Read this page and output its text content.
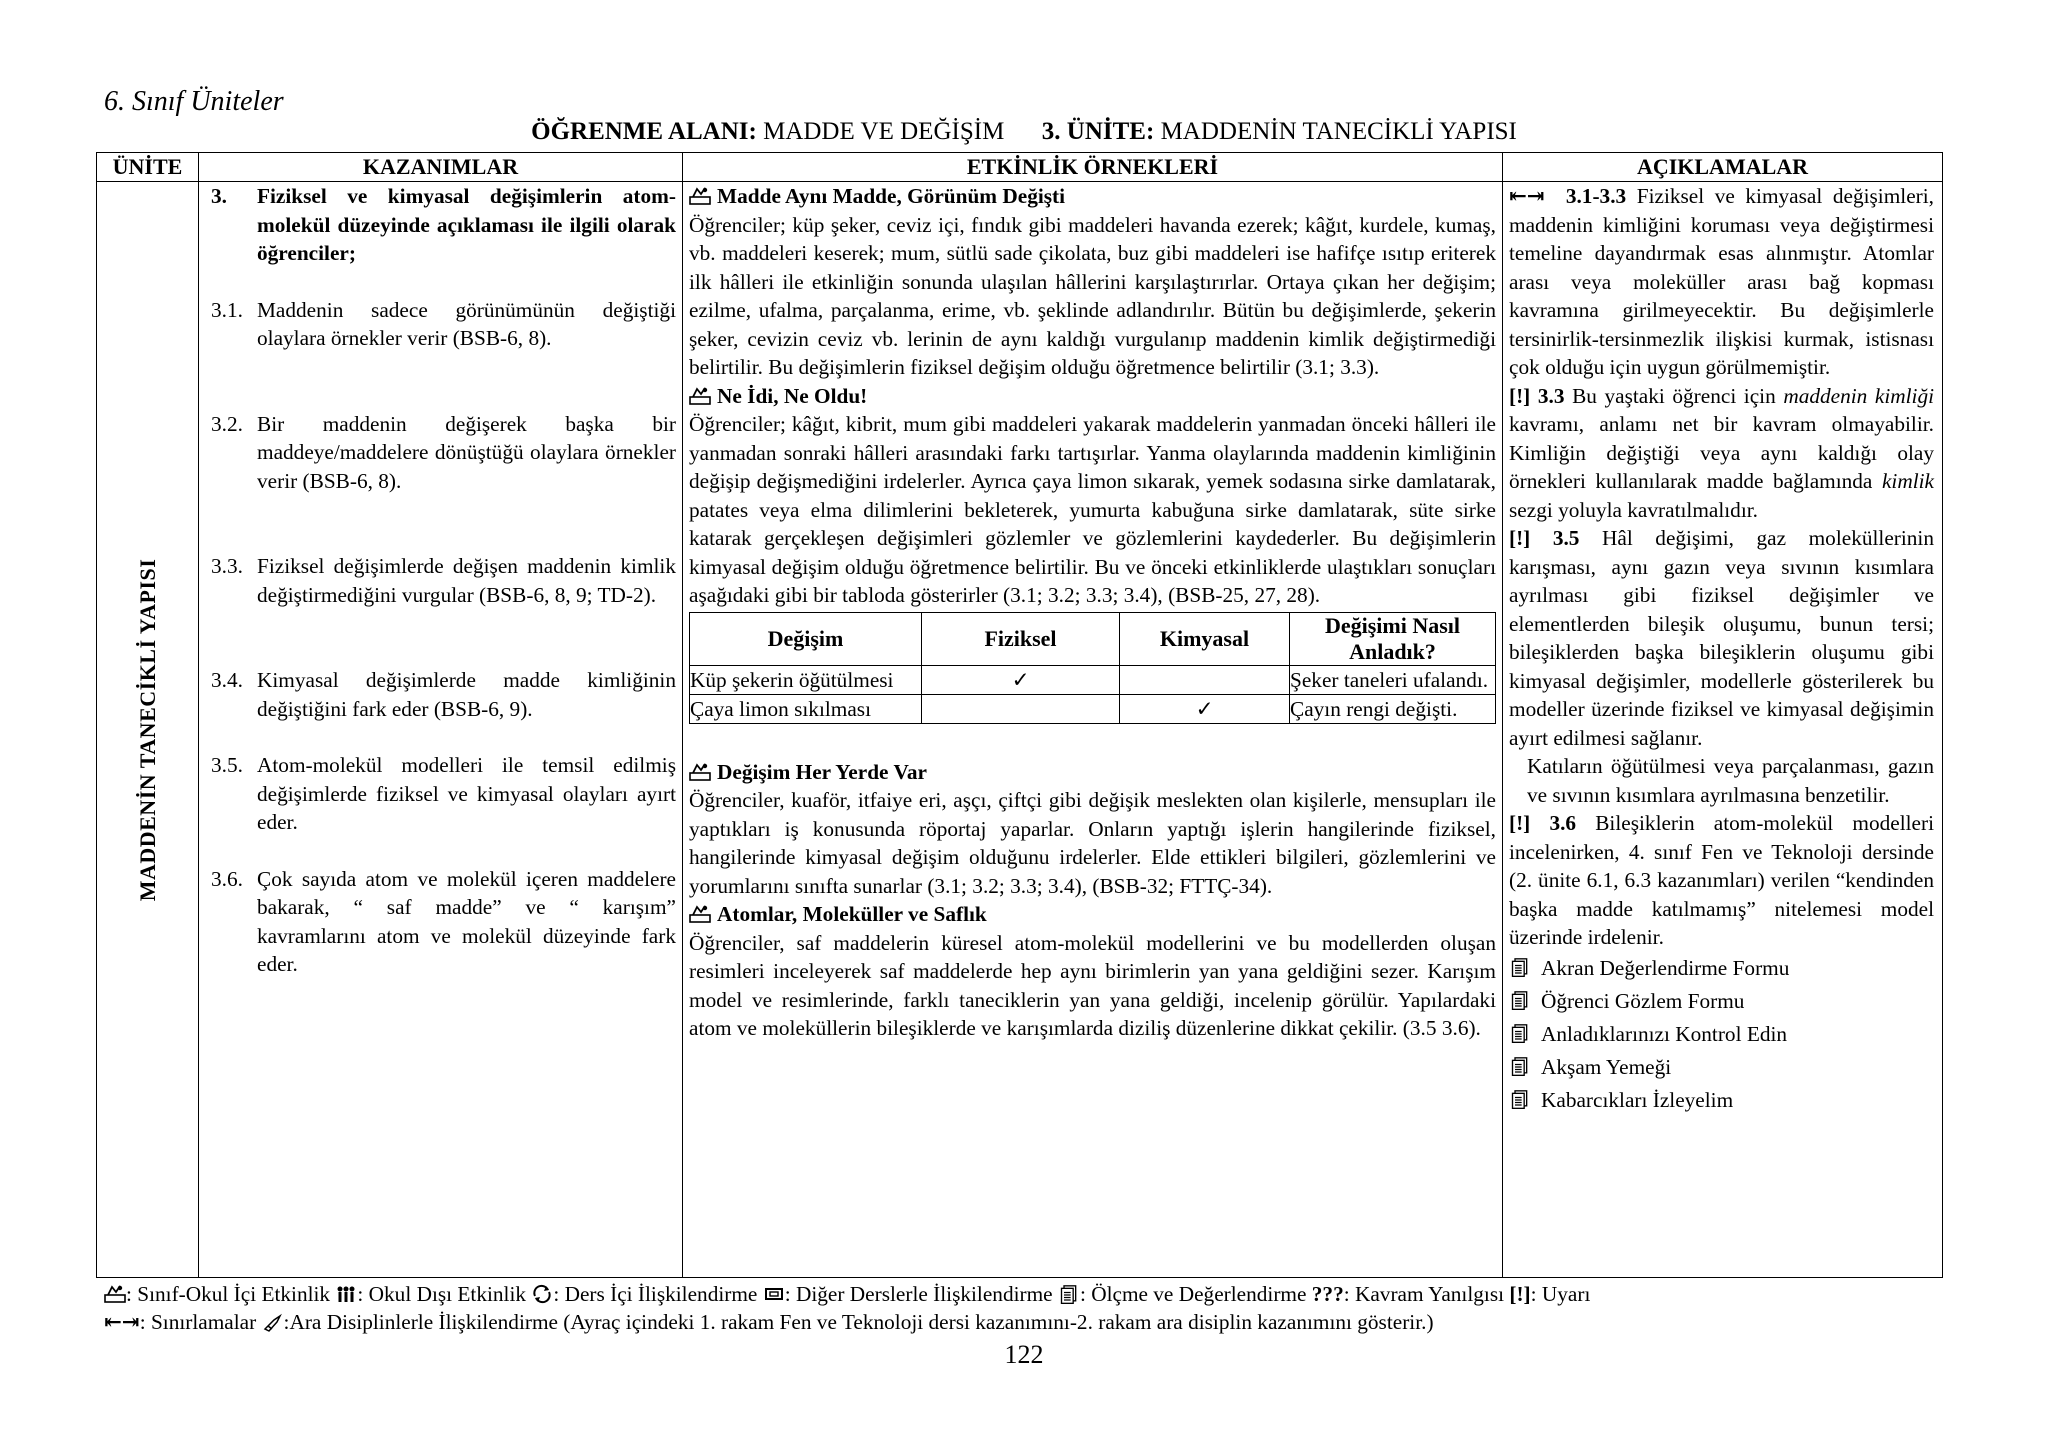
6. Sınıf Üniteler
ÖĞRENME ALANI: MADDE VE DEĞİŞİM 3. ÜNİTE: MADDENİN TANECİKLİ YAPISI
ÜNİTE	KAZANIMLAR	ETKİNLİK ÖRNEKLERİ	AÇIKLAMALAR

MADDENİN TANECİKLİ YAPISI

3.	Fiziksel ve kimyasal değişimlerin atom-molekül düzeyinde açıklaması ile ilgili olarak öğrenciler;
3.1. Maddenin sadece görünümünün değiştiği olaylara örnekler verir (BSB-6, 8).
3.2. Bir maddenin değişerek başka bir maddeye/maddelere dönüştüğü olaylara örnekler verir (BSB-6, 8).
3.3. Fiziksel değişimlerde değişen maddenin kimlik değiştirmediğini vurgular (BSB-6, 8, 9; TD-2).
3.4. Kimyasal değişimlerde madde kimliğinin değiştiğini fark eder (BSB-6, 9).
3.5. Atom-molekül modelleri ile temsil edilmiş değişimlerde fiziksel ve kimyasal olayları ayırt eder.
3.6. Çok sayıda atom ve molekül içeren maddelere bakarak, “ saf madde” ve “ karışım” kavramlarını atom ve molekül düzeyinde fark eder.

Madde Aynı Madde, Görünüm Değişti
Öğrenciler; küp şeker, ceviz içi, fındık gibi maddeleri havanda ezerek; kâğıt, kurdele, kumaş, vb. maddeleri keserek; mum, sütlü sade çikolata, buz gibi maddeleri ise hafifçe ısıtıp eriterek ilk hâlleri ile etkinliğin sonunda ulaşılan hâllerini karşılaştırırlar. Ortaya çıkan her değişim; ezilme, ufalma, parçalanma, erime, vb. şeklinde adlandırılır. Bütün bu değişimlerde, şekerin şeker, cevizin ceviz vb. lerinin de aynı kaldığı vurgulanıp maddenin kimlik değiştirmediği belirtilir. Bu değişimlerin fiziksel değişim olduğu öğretmence belirtilir (3.1; 3.3).
Ne İdi, Ne Oldu!
Öğrenciler; kâğıt, kibrit, mum gibi maddeleri yakarak maddelerin yanmadan önceki hâlleri ile yanmadan sonraki hâlleri arasındaki farkı tartışırlar. Yanma olaylarında maddenin kimliğinin değişip değişmediğini irdelerler. Ayrıca çaya limon sıkarak, yemek sodasına sirke damlatarak, patates veya elma dilimlerini bekleterek, yumurta kabuğuna sirke damlatarak, süte sirke katarak gerçekleşen değişimleri gözlemler ve gözlemlerini kaydederler. Bu değişimlerin kimyasal değişim olduğu öğretmence belirtilir. Bu ve önceki etkinliklerde ulaştıkları sonuçları aşağıdaki gibi bir tabloda gösterirler (3.1; 3.2; 3.3; 3.4), (BSB-25, 27, 28).
Değişim	Fiziksel	Kimyasal	Değişimi Nasıl Anladık?
Küp şekerin öğütülmesi	✓		Şeker taneleri ufalandı.
Çaya limon sıkılması		✓	Çayın rengi değişti.
Değişim Her Yerde Var
Öğrenciler, kuaför, itfaiye eri, aşçı, çiftçi gibi değişik meslekten olan kişilerle, mensupları ile yaptıkları iş konusunda röportaj yaparlar. Onların yaptığı işlerin hangilerinde fiziksel, hangilerinde kimyasal değişim olduğunu irdelerler. Elde ettikleri bilgileri, gözlemlerini ve yorumlarını sınıfta sunarlar (3.1; 3.2; 3.3; 3.4), (BSB-32; FTTÇ-34).
Atomlar, Moleküller ve Saflık
Öğrenciler, saf maddelerin küresel atom-molekül modellerini ve bu modellerden oluşan resimleri inceleyerek saf maddelerde hep aynı birimlerin yan yana geldiğini sezer. Karışım model ve resimlerinde, farklı taneciklerin yan yana geldiği, incelenip görülür. Yapılardaki atom ve moleküllerin bileşiklerde ve karışımlarda diziliş düzenlerine dikkat çekilir. (3.5 3.6).

⇤⇥ 3.1-3.3 Fiziksel ve kimyasal değişimleri, maddenin kimliğini koruması veya değiştirmesi temeline dayandırmak esas alınmıştır. Atomlar arası veya moleküller arası bağ kopması kavramına girilmeyecektir. Bu değişimlerle tersinirlik-tersinmezlik ilişkisi kurmak, istisnası çok olduğu için uygun görülmemiştir.
[!] 3.3 Bu yaştaki öğrenci için maddenin kimliği kavramı, anlamı net bir kavram olmayabilir. Kimliğin değiştiği veya aynı kaldığı olay örnekleri kullanılarak madde bağlamında kimlik sezgi yoluyla kavratılmalıdır.
[!] 3.5 Hâl değişimi, gaz moleküllerinin karışması, aynı gazın veya sıvının kısımlara ayrılması gibi fiziksel değişimler ve elementlerden bileşik oluşumu, bunun tersi; bileşiklerden başka bileşiklerin oluşumu gibi kimyasal değişimler, modellerle gösterilerek bu modeller üzerinde fiziksel ve kimyasal değişimin ayırt edilmesi sağlanır.
Katıların öğütülmesi veya parçalanması, gazın ve sıvının kısımlara ayrılmasına benzetilir.
[!] 3.6 Bileşiklerin atom-molekül modelleri incelenirken, 4. sınıf Fen ve Teknoloji dersinde (2. ünite 6.1, 6.3 kazanımları) verilen “kendinden başka madde katılmamış” nitelemesi model üzerinde irdelenir.
Akran Değerlendirme Formu
Öğrenci Gözlem Formu
Anladıklarınızı Kontrol Edin
Akşam Yemeği
Kabarcıkları İzleyelim
: Sınıf-Okul İçi Etkinlik : Okul Dışı Etkinlik : Ders İçi İlişkilendirme : Diğer Derslerle İlişkilendirme : Ölçme ve Değerlendirme ???: Kavram Yanılgısı [!]: Uyarı
⇤⇥: Sınırlamalar :Ara Disiplinlerle İlişkilendirme (Ayraç içindeki 1. rakam Fen ve Teknoloji dersi kazanımını-2. rakam ara disiplin kazanımını gösterir.)
122
